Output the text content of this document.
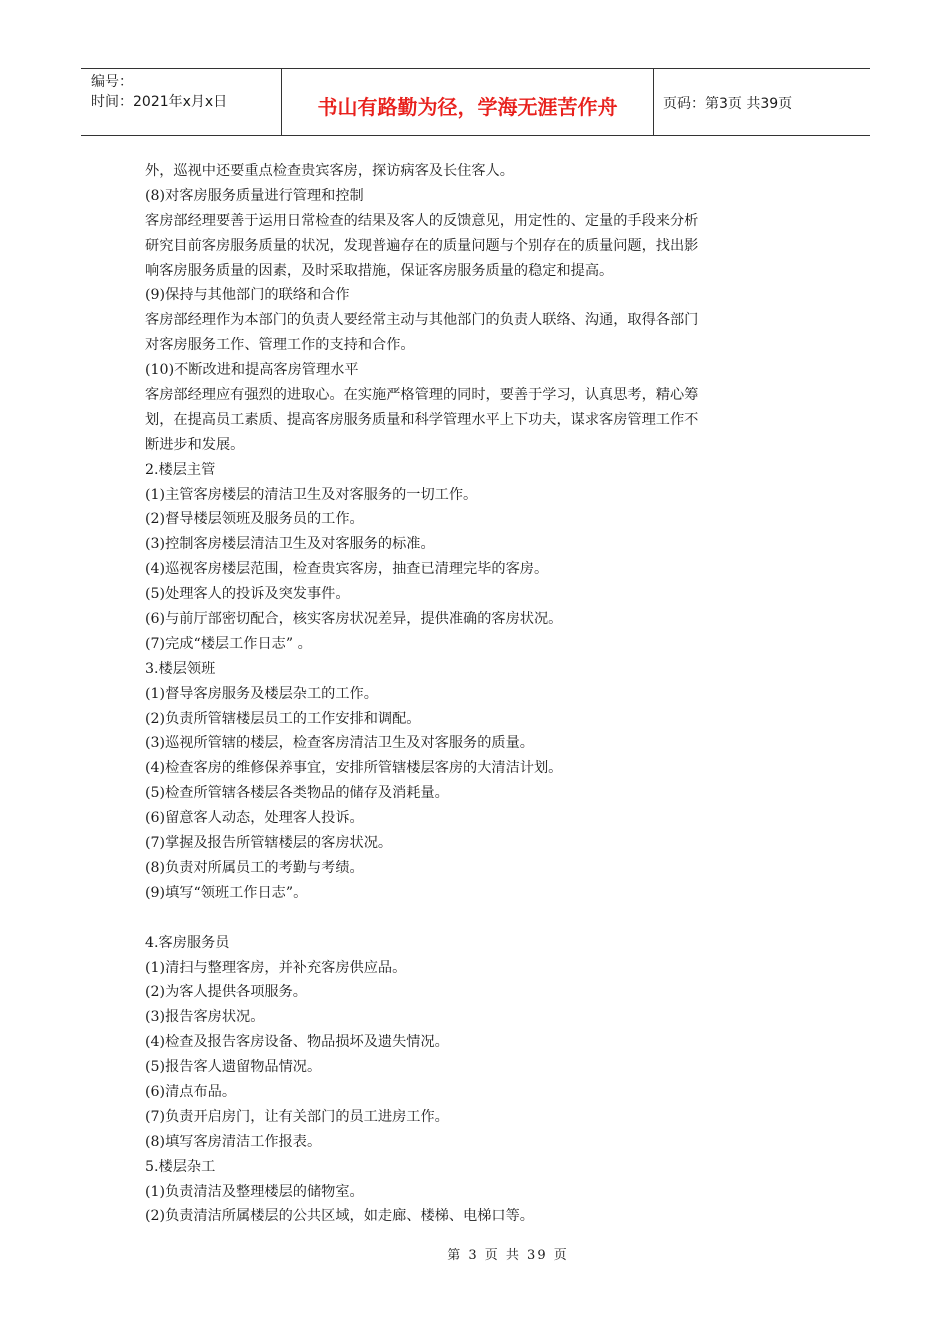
编号：
时间：2021年x月x日	书山有路勤为径，学海无涯苦作舟	页码：第3页 共39页
外，巡视中还要重点检查贵宾客房，探访病客及长住客人。
(8)对客房服务质量进行管理和控制
客房部经理要善于运用日常检查的结果及客人的反馈意见，用定性的、定量的手段来分析
研究目前客房服务质量的状况，发现普遍存在的质量问题与个别存在的质量问题，找出影
响客房服务质量的因素，及时采取措施，保证客房服务质量的稳定和提高。
(9)保持与其他部门的联络和合作
客房部经理作为本部门的负责人要经常主动与其他部门的负责人联络、沟通，取得各部门
对客房服务工作、管理工作的支持和合作。
(10)不断改进和提高客房管理水平
客房部经理应有强烈的进取心。在实施严格管理的同时，要善于学习，认真思考，精心筹
划，在提高员工素质、提高客房服务质量和科学管理水平上下功夫，谋求客房管理工作不
断进步和发展。
2.楼层主管
(1)主管客房楼层的清洁卫生及对客服务的一切工作。
(2)督导楼层领班及服务员的工作。
(3)控制客房楼层清洁卫生及对客服务的标准。
(4)巡视客房楼层范围，检查贵宾客房，抽查已清理完毕的客房。
(5)处理客人的投诉及突发事件。
(6)与前厅部密切配合，核实客房状况差异，提供准确的客房状况。
(7)完成“楼层工作日志” 。
3.楼层领班
(1)督导客房服务及楼层杂工的工作。
(2)负责所管辖楼层员工的工作安排和调配。
(3)巡视所管辖的楼层，检查客房清洁卫生及对客服务的质量。
(4)检查客房的维修保养事宜，安排所管辖楼层客房的大清洁计划。
(5)检查所管辖各楼层各类物品的储存及消耗量。
(6)留意客人动态，处理客人投诉。
(7)掌握及报告所管辖楼层的客房状况。
(8)负责对所属员工的考勤与考绩。
(9)填写“领班工作日志”。
4.客房服务员
(1)清扫与整理客房，并补充客房供应品。
(2)为客人提供各项服务。
(3)报告客房状况。
(4)检查及报告客房设备、物品损坏及遗失情况。
(5)报告客人遗留物品情况。
(6)清点布品。
(7)负责开启房门，让有关部门的员工进房工作。
(8)填写客房清洁工作报表。
5.楼层杂工
(1)负责清洁及整理楼层的储物室。
(2)负责清洁所属楼层的公共区域，如走廊、楼梯、电梯口等。
第 3 页 共 39 页
